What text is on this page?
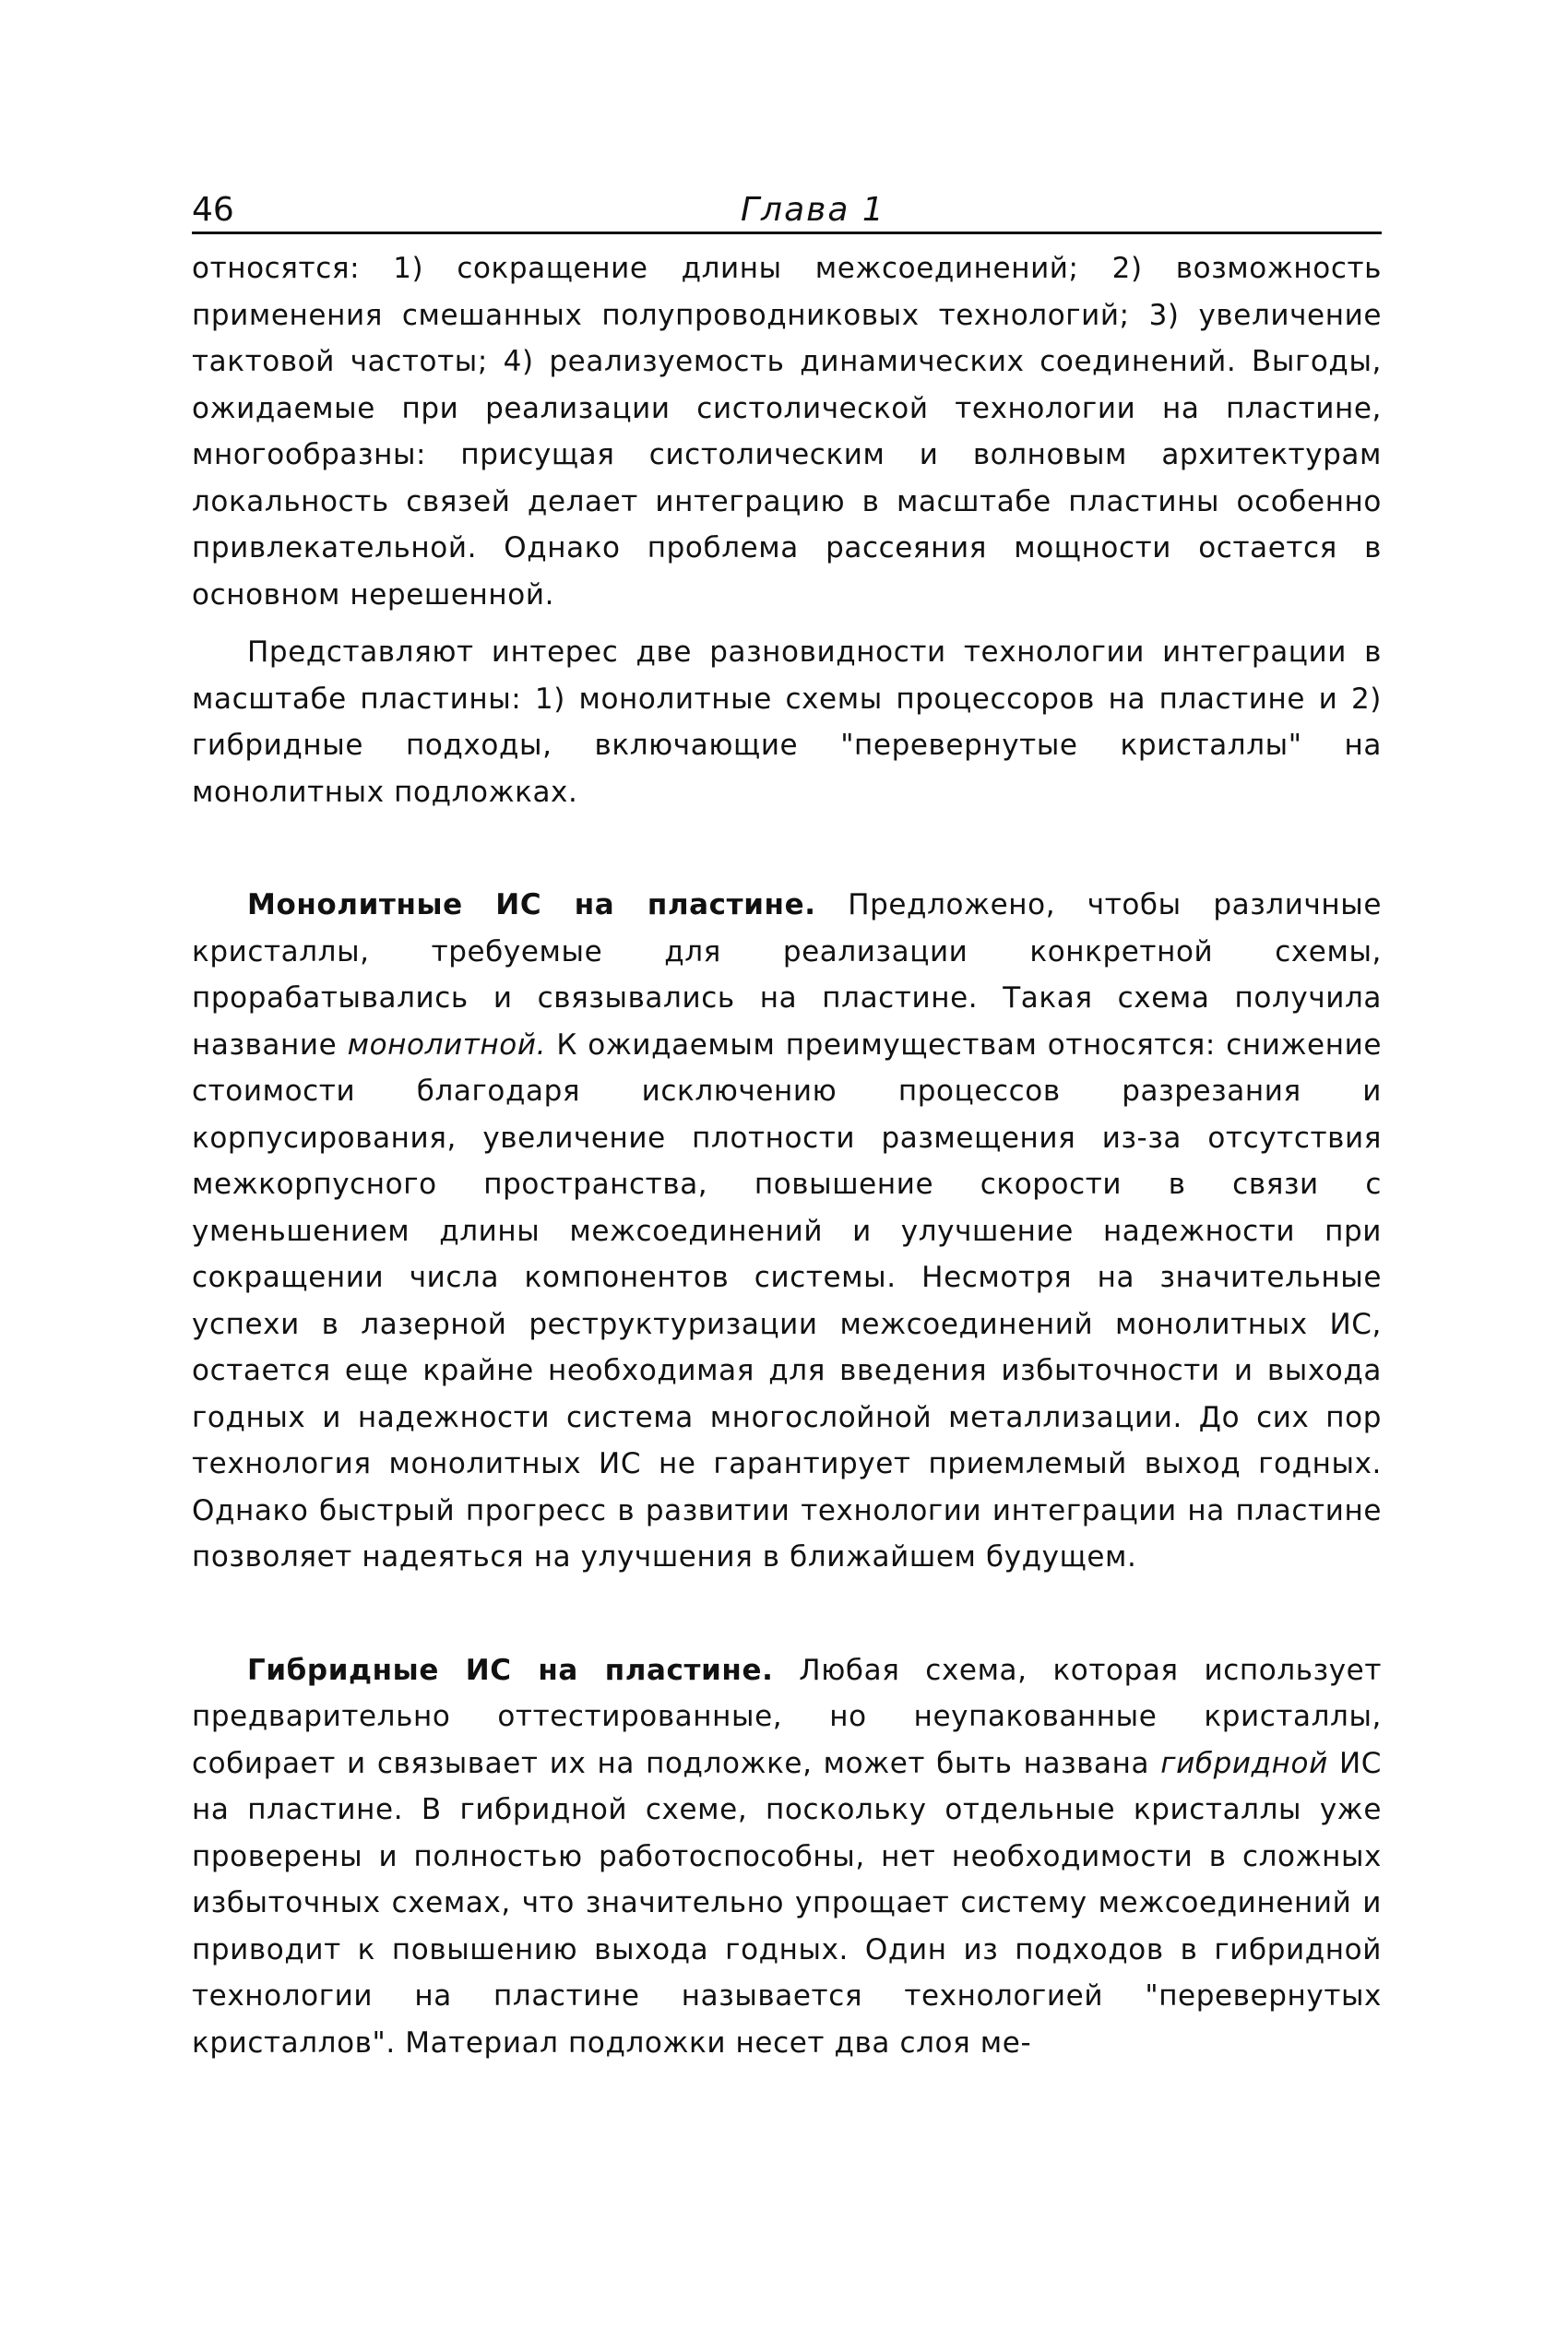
46	Глава 1

относятся: 1) сокращение длины межсоединений; 2) возможность применения смешанных полупроводниковых технологий; 3) увеличение тактовой частоты; 4) реализуемость динамических соединений. Выгоды, ожидаемые при реализации систолической технологии на пластине, многообразны: присущая систолическим и волновым архитектурам локальность связей делает интеграцию в масштабе пластины особенно привлекательной. Однако проблема рассеяния мощности остается в основном нерешенной.

Представляют интерес две разновидности технологии интеграции в масштабе пластины: 1) монолитные схемы процессоров на пластине и 2) гибридные подходы, включающие "перевернутые кристаллы" на монолитных подложках.

Монолитные ИС на пластине. Предложено, чтобы различные кристаллы, требуемые для реализации конкретной схемы, прорабатывались и связывались на пластине. Такая схема получила название монолитной. К ожидаемым преимуществам относятся: снижение стоимости благодаря исключению процессов разрезания и корпусирования, увеличение плотности размещения из-за отсутствия межкорпусного пространства, повышение скорости в связи с уменьшением длины межсоединений и улучшение надежности при сокращении числа компонентов системы. Несмотря на значительные успехи в лазерной реструктуризации межсоединений монолитных ИС, остается еще крайне необходимая для введения избыточности и выхода годных и надежности система многослойной металлизации. До сих пор технология монолитных ИС не гарантирует приемлемый выход годных. Однако быстрый прогресс в развитии технологии интеграции на пластине позволяет надеяться на улучшения в ближайшем будущем.

Гибридные ИС на пластине. Любая схема, которая использует предварительно оттестированные, но неупакованные кристаллы, собирает и связывает их на подложке, может быть названа гибридной ИС на пластине. В гибридной схеме, поскольку отдельные кристаллы уже проверены и полностью работоспособны, нет необходимости в сложных избыточных схемах, что значительно упрощает систему межсоединений и приводит к повышению выхода годных. Один из подходов в гибридной технологии на пластине называется технологией "перевернутых кристаллов". Материал подложки несет два слоя ме-
